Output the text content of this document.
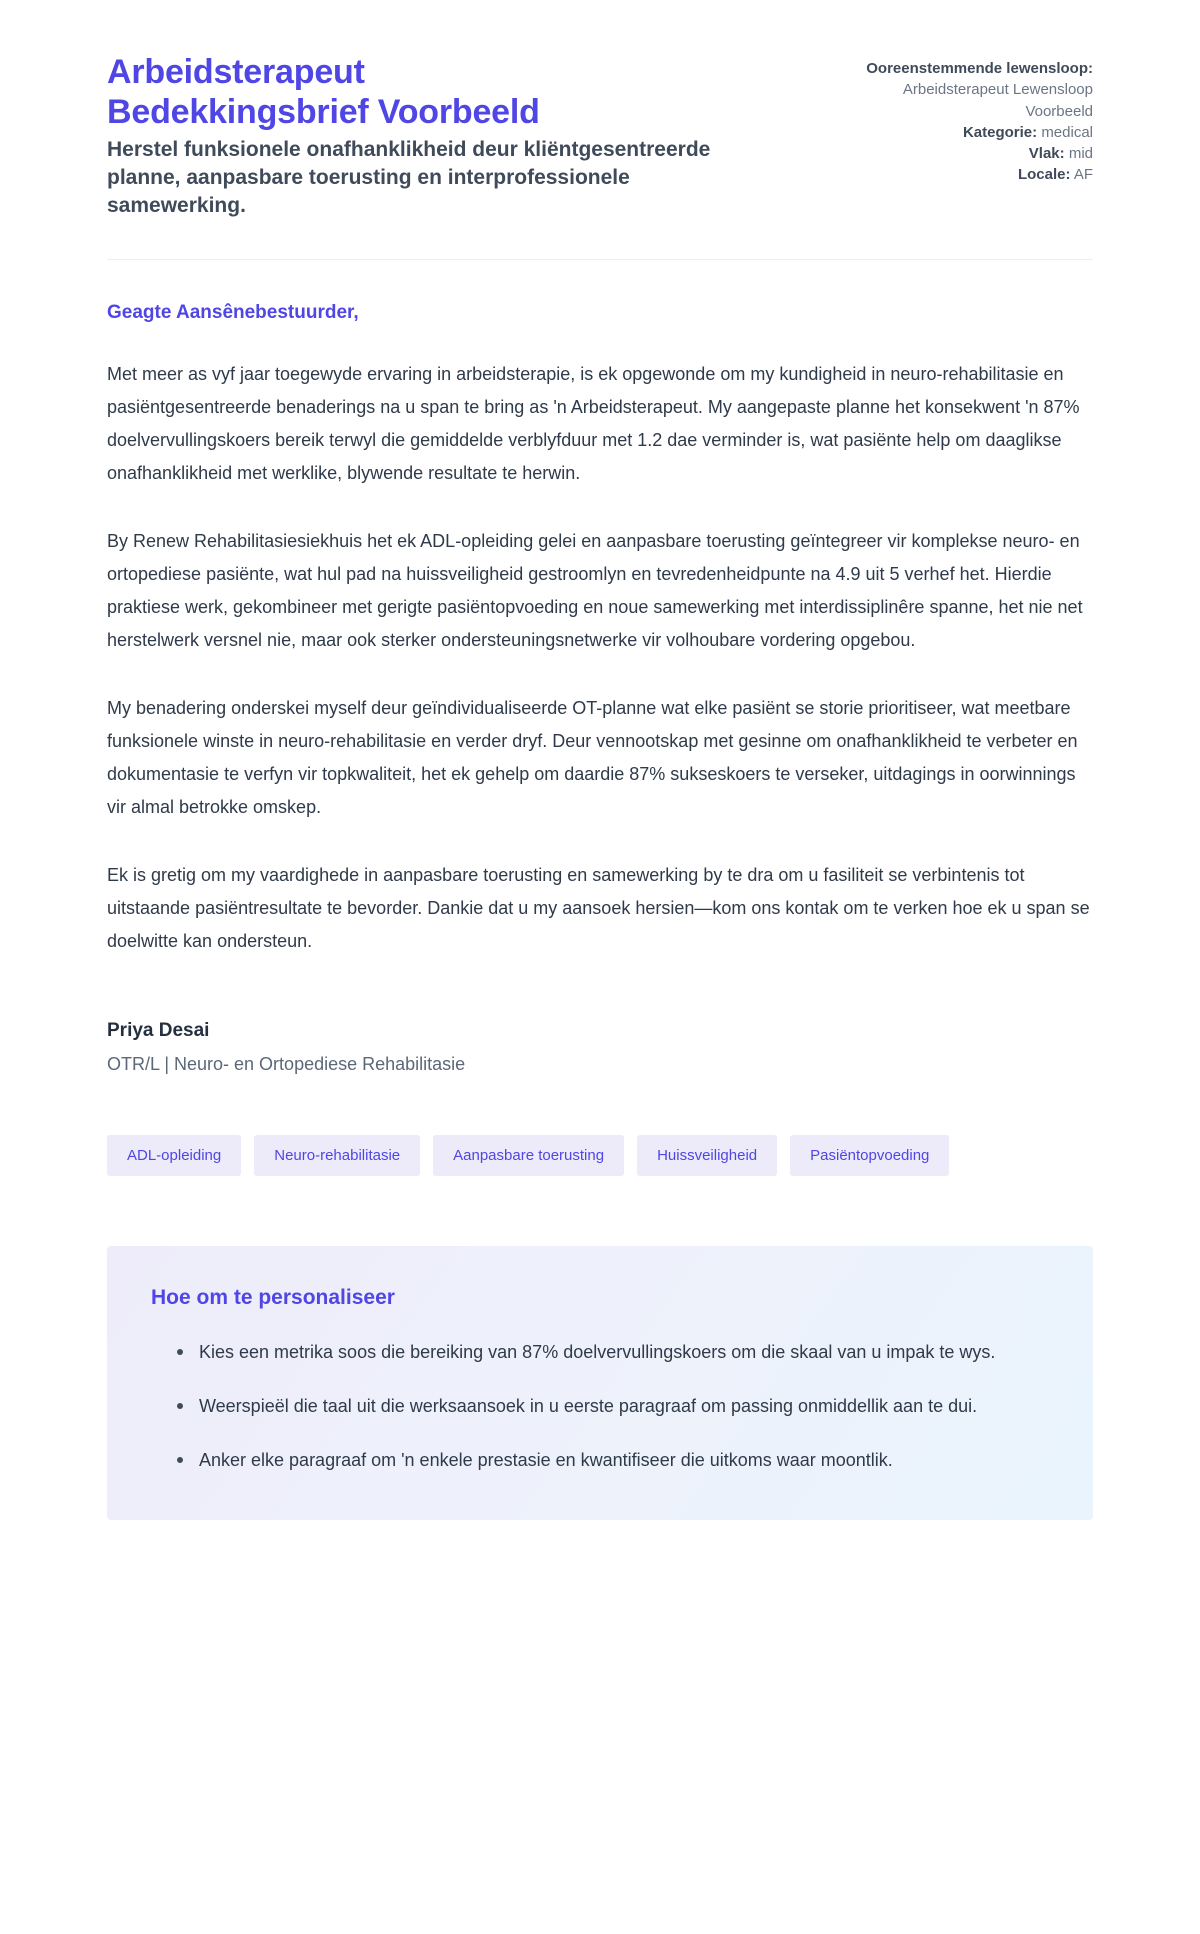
Arbeidsterapeut
Bedekkingsbrief Voorbeeld

Herstel funksionele onafhanklikheid deur kliëntgesentreerde planne, aanpasbare toerusting en interprofessionele samewerking.

Ooreenstemmende lewensloop:
Arbeidsterapeut Lewensloop Voorbeeld
Kategorie: medical
Vlak: mid
Locale: AF

Geagte Aansênebestuurder,

Met meer as vyf jaar toegewyde ervaring in arbeidsterapie, is ek opgewonde om my kundigheid in neuro-rehabilitasie en pasiëntgesentreerde benaderings na u span te bring as 'n Arbeidsterapeut. My aangepaste planne het konsekwent 'n 87% doelvervullingskoers bereik terwyl die gemiddelde verblyfduur met 1.2 dae verminder is, wat pasiënte help om daaglikse onafhanklikheid met werklike, blywende resultate te herwin.

By Renew Rehabilitasiesiekhuis het ek ADL-opleiding gelei en aanpasbare toerusting geïntegreer vir komplekse neuro- en ortopediese pasiënte, wat hul pad na huissveiligheid gestroomlyn en tevredenheidpunte na 4.9 uit 5 verhef het. Hierdie praktiese werk, gekombineer met gerigte pasiëntopvoeding en noue samewerking met interdissiplinêre spanne, het nie net herstelwerk versnel nie, maar ook sterker ondersteuningsnetwerke vir volhoubare vordering opgebou.

My benadering onderskei myself deur geïndividualiseerde OT-planne wat elke pasiënt se storie prioritiseer, wat meetbare funksionele winste in neuro-rehabilitasie en verder dryf. Deur vennootskap met gesinne om onafhanklikheid te verbeter en dokumentasie te verfyn vir topkwaliteit, het ek gehelp om daardie 87% sukseskoers te verseker, uitdagings in oorwinnings vir almal betrokke omskep.

Ek is gretig om my vaardighede in aanpasbare toerusting en samewerking by te dra om u fasiliteit se verbintenis tot uitstaande pasiëntresultate te bevorder. Dankie dat u my aansoek hersien—kom ons kontak om te verken hoe ek u span se doelwitte kan ondersteun.

Priya Desai

OTR/L | Neuro- en Ortopediese Rehabilitasie

ADL-opleiding	Neuro-rehabilitasie	Aanpasbare toerusting	Huissveiligheid	Pasiëntopvoeding

Hoe om te personaliseer

Kies een metrika soos die bereiking van 87% doelvervullingskoers om die skaal van u impak te wys.
Weerspieël die taal uit die werksaansoek in u eerste paragraaf om passing onmiddellik aan te dui.
Anker elke paragraaf om 'n enkele prestasie en kwantifiseer die uitkoms waar moontlik.
